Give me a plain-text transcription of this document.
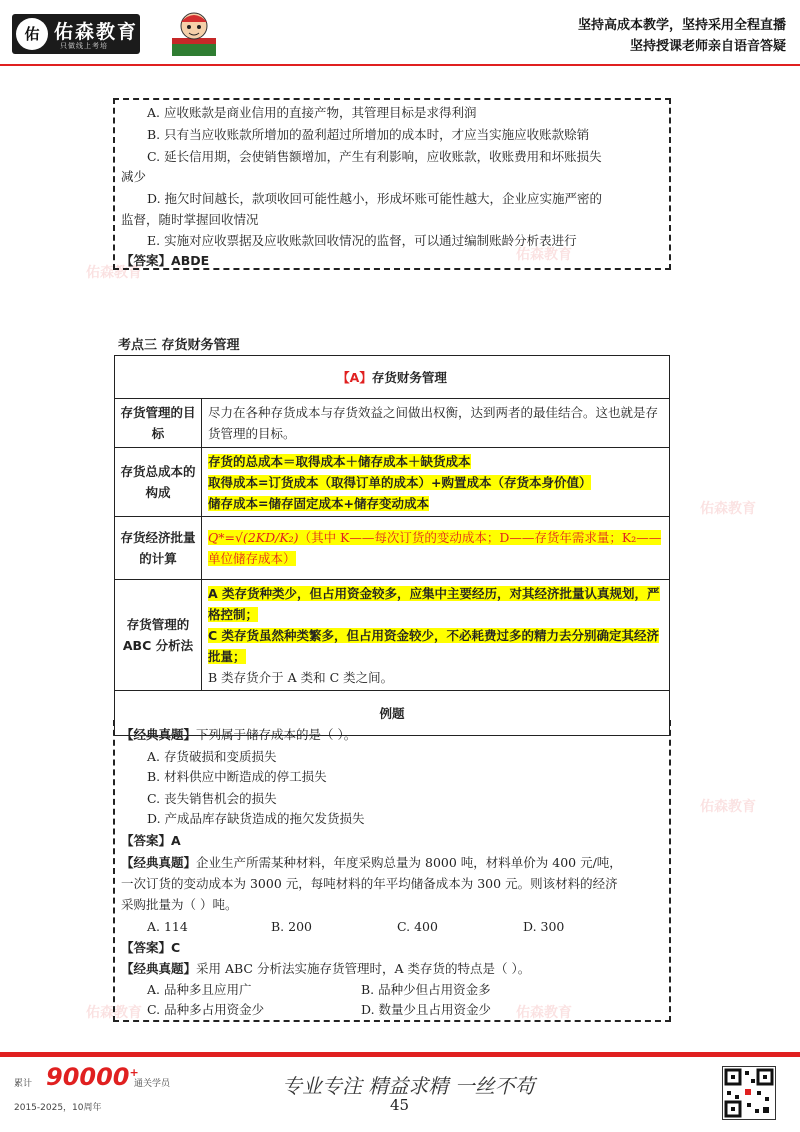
佑 佑森教育
只做线上考培
坚持高成本教学，坚持采用全程直播
坚持授课老师亲自语音答疑
佑森教育
佑森教育
佑森教育
佑森教育
佑森教育	佑森教育
A. 应收账款是商业信用的直接产物，其管理目标是求得利润
B. 只有当应收账款所增加的盈利超过所增加的成本时，才应当实施应收账款赊销
C. 延长信用期，会使销售额增加，产生有利影响，应收账款，收账费用和坏账损失
减少
D. 拖欠时间越长，款项收回可能性越小，形成坏账可能性越大，企业应实施严密的
监督，随时掌握回收情况
E. 实施对应收票据及应收账款回收情况的监督，可以通过编制账龄分析表进行
【答案】ABDE
考点三 存货财务管理
【A】存货财务管理	
存货管理的目标	尽力在各种存货成本与存货效益之间做出权衡，达到两者的最佳结合。这也就是存货管理的目标。
存货总成本的构成	存货的总成本＝取得成本＋储存成本＋缺货成本
取得成本=订货成本（取得订单的成本）+购置成本（存货本身价值）
储存成本=储存固定成本+储存变动成本
存货经济批量的计算	Q*=√(2KD/K₂)（其中 K——每次订货的变动成本；D——存货年需求量；K₂——单位储存成本）
存货管理的 ABC 分析法	A 类存货种类少，但占用资金较多，应集中主要经历，对其经济批量认真规划，严格控制；
C 类存货虽然种类繁多，但占用资金较少，不必耗费过多的精力去分别确定其经济批量；
B 类存货介于 A 类和 C 类之间。
例题	
【经典真题】下列属于储存成本的是（ ）。
A. 存货破损和变质损失
B. 材料供应中断造成的停工损失
C. 丧失销售机会的损失
D. 产成品库存缺货造成的拖欠发货损失
【答案】A
【经典真题】企业生产所需某种材料，年度采购总量为 8000 吨，材料单价为 400 元/吨，
一次订货的变动成本为 3000 元，每吨材料的年平均储备成本为 300 元。则该材料的经济
采购批量为（ ）吨。
A. 114	B. 200	C. 400	D. 300
【答案】C
【经典真题】采用 ABC 分析法实施存货管理时，A 类存货的特点是（ ）。
A. 品种多且应用广	B. 品种少但占用资金多
C. 品种多占用资金少	D. 数量少且占用资金少
累计 90000+
通关学员
2015-2025，10周年
专业专注 精益求精 一丝不苟
45
